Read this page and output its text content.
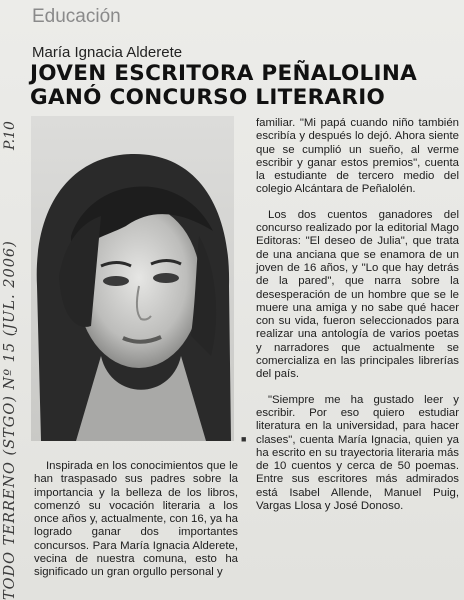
Educación
María Ignacia Alderete
JOVEN ESCRITORA PEÑALOLINA
GANÓ CONCURSO LITERARIO

Inspirada en los conocimientos que le han traspasado sus padres sobre la importancia y la belleza de los libros, comenzó su vocación literaria a los once años y, actualmente, con 16, ya ha logrado ganar dos importantes concursos. Para María Ignacia Alderete, vecina de nuestra comuna, esto ha significado un gran orgullo personal y

familiar. "Mi papá cuando niño también escribía y después lo dejó. Ahora siente que se cumplió un sueño, al verme escribir y ganar estos premios", cuenta la estudiante de tercero medio del colegio Alcántara de Peñalolén.

Los dos cuentos ganadores del concurso realizado por la editorial Mago Editoras: "El deseo de Julia", que trata de una anciana que se enamora de un joven de 16 años, y "Lo que hay detrás de la pared", que narra sobre la desesperación de un hombre que se le muere una amiga y no sabe qué hacer con su vida, fueron seleccionados para realizar una antología de varios poetas y narradores que actualmente se comercializa en las principales librerías del país.

"Siempre me ha gustado leer y escribir. Por eso quiero estudiar literatura en la universidad, para hacer clases", cuenta María Ignacia, quien ya ha escrito en su trayectoria literaria más de 10 cuentos y cerca de 50 poemas. Entre sus escritores más admirados está Isabel Allende, Manuel Puig, Vargas Llosa y José Donoso.

■
P.10
TODO TERRENO (STGO) Nº 15 (JUL. 2006)
